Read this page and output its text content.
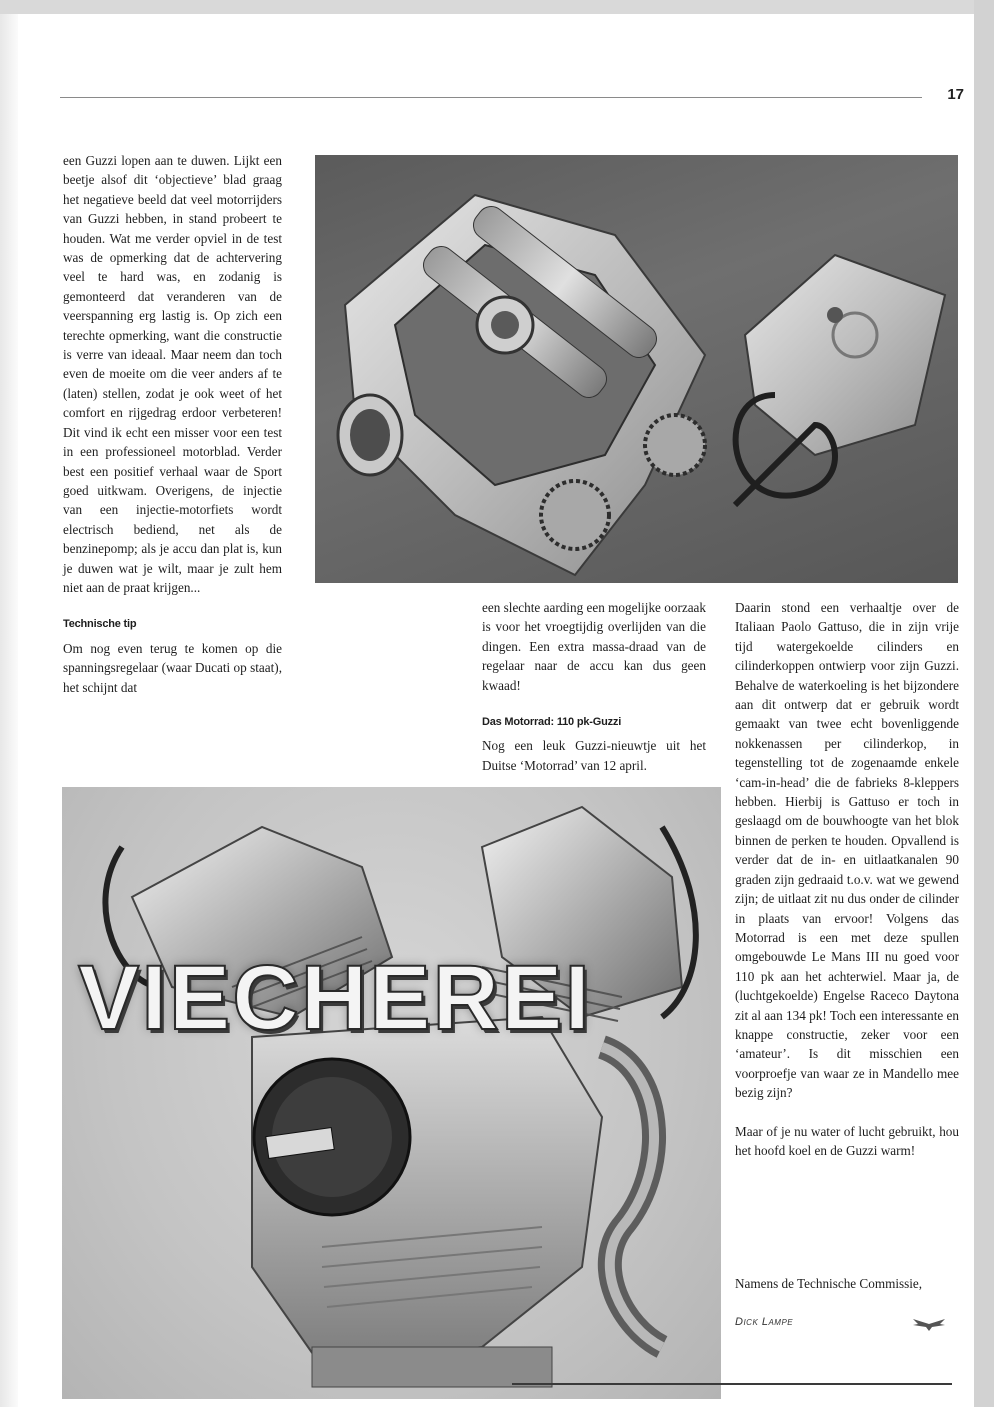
17

een Guzzi lopen aan te duwen. Lijkt een beetje alsof dit ‘objectieve’ blad graag het negatieve beeld dat veel motorrijders van Guzzi hebben, in stand probeert te houden. Wat me verder opviel in de test was de opmerking dat de achtervering veel te hard was, en zodanig is gemonteerd dat veranderen van de veerspanning erg lastig is. Op zich een terechte opmerking, want die constructie is verre van ideaal. Maar neem dan toch even de moeite om die veer anders af te (laten) stellen, zodat je ook weet of het comfort en rijgedrag erdoor verbeteren! Dit vind ik echt een misser voor een test in een professioneel motorblad. Verder best een positief verhaal waar de Sport goed uitkwam. Overigens, de injectie van een injectie-motorfiets wordt electrisch bediend, net als de benzinepomp; als je accu dan plat is, kun je duwen wat je wilt, maar je zult hem niet aan de praat krijgen...

Technische tip

Om nog even terug te komen op die spanningsregelaar (waar Ducati op staat), het schijnt dat

een slechte aarding een mogelijke oorzaak is voor het vroegtijdig overlijden van die dingen. Een extra massa-draad van de regelaar naar de accu kan dus geen kwaad!

Das Motorrad: 110 pk-Guzzi

Nog een leuk Guzzi-nieuwtje uit het Duitse ‘Motorrad’ van 12 april.

Daarin stond een verhaaltje over de Italiaan Paolo Gattuso, die in zijn vrije tijd watergekoelde cilinders en cilinderkoppen ontwierp voor zijn Guzzi. Behalve de waterkoeling is het bijzondere aan dit ontwerp dat er gebruik wordt gemaakt van twee echt bovenliggende nokkenassen per cilinderkop, in tegenstelling tot de zogenaamde enkele ‘cam-in-head’ die de fabrieks 8-kleppers hebben. Hierbij is Gattuso er toch in geslaagd om de bouwhoogte van het blok binnen de perken te houden. Opvallend is verder dat de in- en uitlaatkanalen 90 graden zijn gedraaid t.o.v. wat we gewend zijn; de uitlaat zit nu dus onder de cilinder in plaats van ervoor! Volgens das Motorrad is een met deze spullen omgebouwde Le Mans III nu goed voor 110 pk aan het achterwiel. Maar ja, de (luchtgekoelde) Engelse Raceco Daytona zit al aan 134 pk! Toch een interessante en knappe constructie, zeker voor een ‘amateur’. Is dit misschien een voorproefje van waar ze in Mandello mee bezig zijn?

Maar of je nu water of lucht gebruikt, hou het hoofd koel en de Guzzi warm!

VIECHEREI
Namens de Technische Commissie,
Dick Lampe
